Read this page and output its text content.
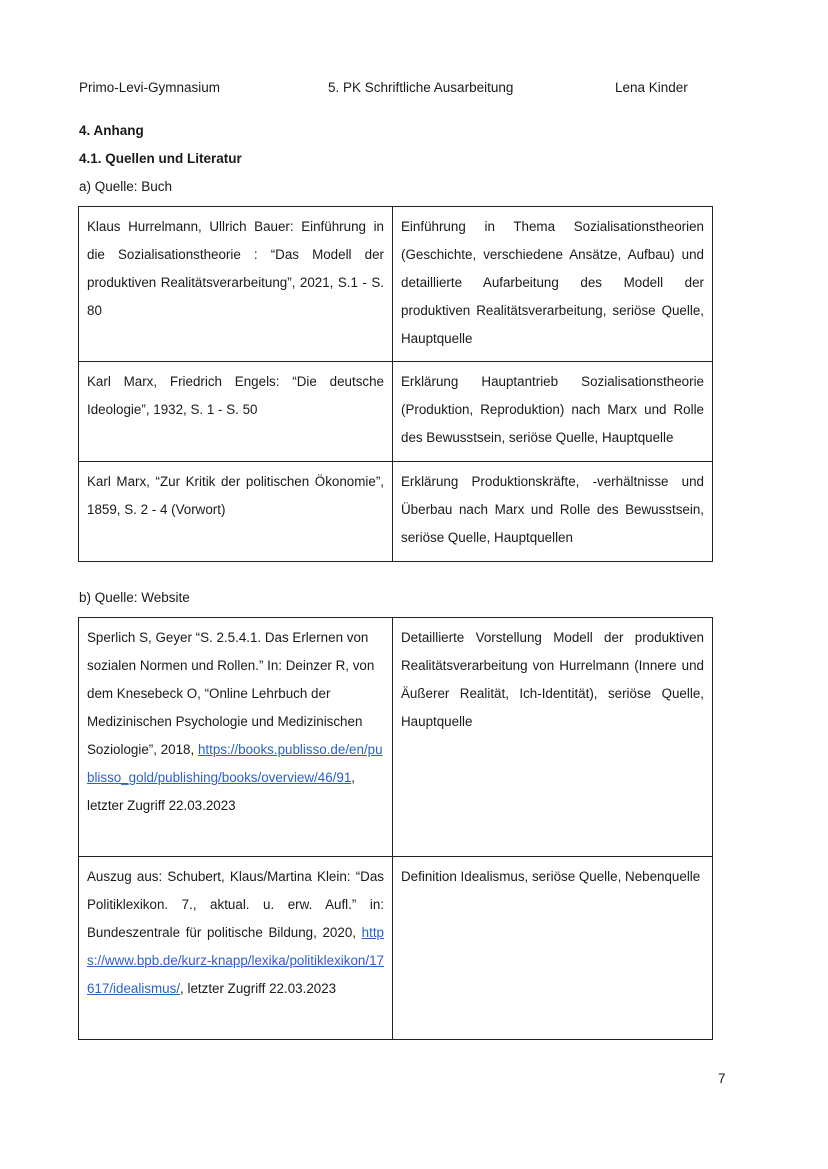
Primo-Levi-Gymnasium	5. PK Schriftliche Ausarbeitung	Lena Kinder
4. Anhang
4.1. Quellen und Literatur
a) Quelle: Buch
Klaus Hurrelmann, Ullrich Bauer: Einführung in die Sozialisationstheorie : “Das Modell der produktiven Realitätsverarbeitung”, 2021, S.1 - S. 80	Einführung in Thema Sozialisationstheorien (Geschichte, verschiedene Ansätze, Aufbau) und detaillierte Aufarbeitung des Modell der produktiven Realitätsverarbeitung, seriöse Quelle, Hauptquelle
Karl Marx, Friedrich Engels: “Die deutsche Ideologie”, 1932, S. 1 - S. 50	Erklärung Hauptantrieb Sozialisationstheorie (Produktion, Reproduktion) nach Marx und Rolle des Bewusstsein, seriöse Quelle, Hauptquelle
Karl Marx, “Zur Kritik der politischen Ökonomie”, 1859, S. 2 - 4 (Vorwort)	Erklärung Produktionskräfte, -verhältnisse und Überbau nach Marx und Rolle des Bewusstsein, seriöse Quelle, Hauptquellen
b) Quelle: Website
Sperlich S, Geyer “S. 2.5.4.1. Das Erlernen von sozialen Normen und Rollen.” In: Deinzer R, von dem Knesebeck O, “Online Lehrbuch der Medizinischen Psychologie und Medizinischen Soziologie”, 2018, https://books.publisso.de/en/publisso_gold/publishing/books/overview/46/91, letzter Zugriff 22.03.2023	Detaillierte Vorstellung Modell der produktiven Realitätsverarbeitung von Hurrelmann (Innere und Äußerer Realität, Ich-Identität), seriöse Quelle, Hauptquelle
Auszug aus: Schubert, Klaus/Martina Klein: “Das Politiklexikon. 7., aktual. u. erw. Aufl.” in: Bundeszentrale für politische Bildung, 2020, https://www.bpb.de/kurz-knapp/lexika/politiklexikon/17617/idealismus/, letzter Zugriff 22.03.2023	Definition Idealismus, seriöse Quelle, Nebenquelle
7
